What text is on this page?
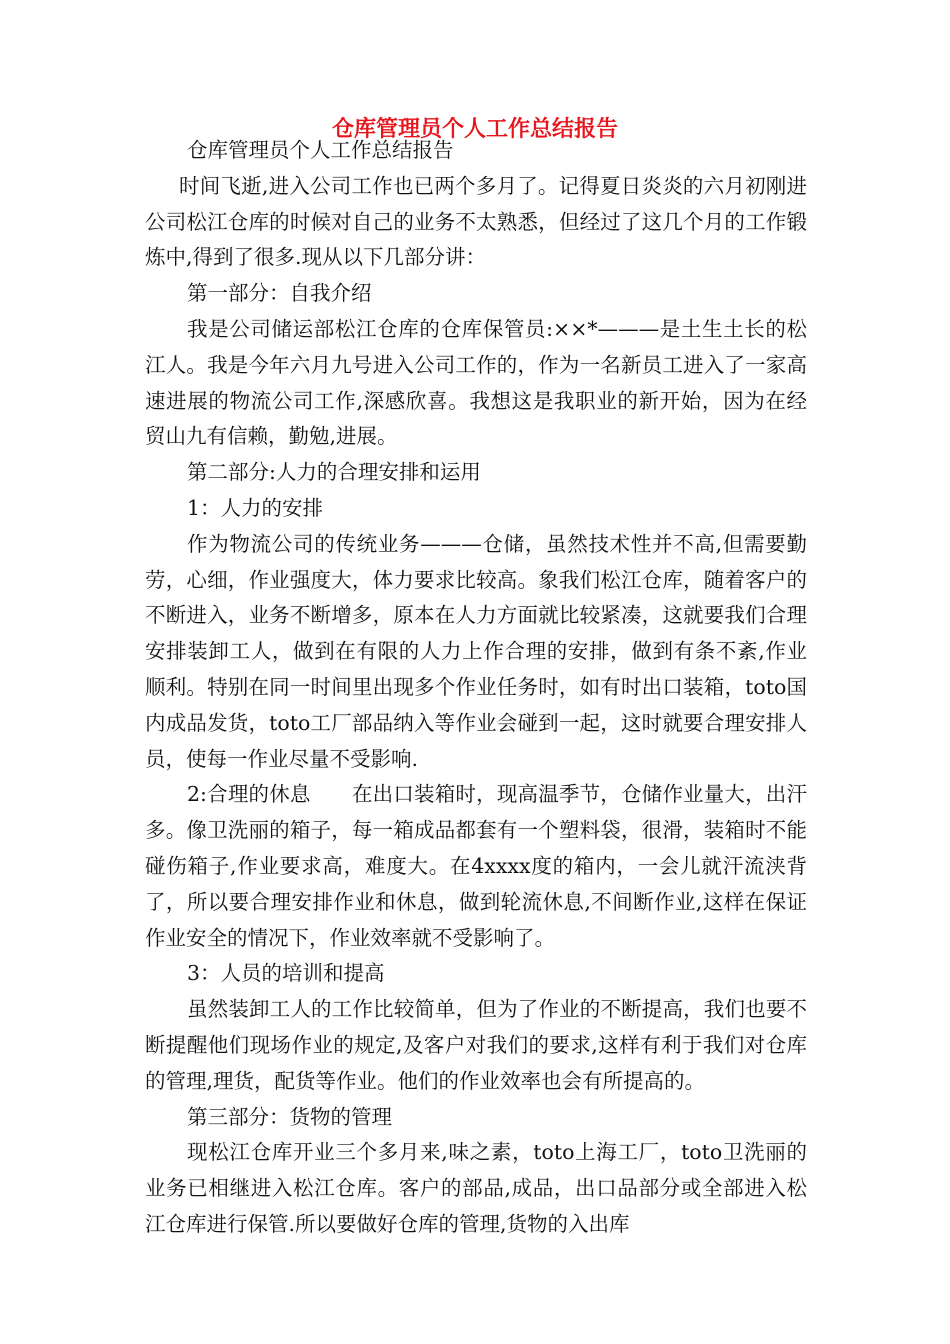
仓库管理员个人工作总结报告

仓库管理员个人工作总结报告

时间飞逝,进入公司工作也已两个多月了。记得夏日炎炎的六月初刚进公司松江仓库的时候对自己的业务不太熟悉，但经过了这几个月的工作锻炼中,得到了很多.现从以下几部分讲：

第一部分：自我介绍

我是公司储运部松江仓库的仓库保管员:××*———是土生土长的松江人。我是今年六月九号进入公司工作的，作为一名新员工进入了一家高速进展的物流公司工作,深感欣喜。我想这是我职业的新开始，因为在经贸山九有信赖，勤勉,进展。

第二部分:人力的合理安排和运用

1：人力的安排

作为物流公司的传统业务———仓储，虽然技术性并不高,但需要勤劳，心细，作业强度大，体力要求比较高。象我们松江仓库，随着客户的不断进入，业务不断增多，原本在人力方面就比较紧凑，这就要我们合理安排装卸工人，做到在有限的人力上作合理的安排，做到有条不紊,作业顺利。特别在同一时间里出现多个作业任务时，如有时出口装箱，toto国内成品发货，toto工厂部品纳入等作业会碰到一起，这时就要合理安排人员，使每一作业尽量不受影响.

2:合理的休息　　在出口装箱时，现高温季节，仓储作业量大，出汗多。像卫洗丽的箱子，每一箱成品都套有一个塑料袋，很滑，装箱时不能碰伤箱子,作业要求高，难度大。在4xxxx度的箱内，一会儿就汗流浃背了，所以要合理安排作业和休息，做到轮流休息,不间断作业,这样在保证作业安全的情况下，作业效率就不受影响了。

3：人员的培训和提高

虽然装卸工人的工作比较简单，但为了作业的不断提高，我们也要不断提醒他们现场作业的规定,及客户对我们的要求,这样有利于我们对仓库的管理,理货，配货等作业。他们的作业效率也会有所提高的。

第三部分：货物的管理

现松江仓库开业三个多月来,味之素，toto上海工厂，toto卫洗丽的业务已相继进入松江仓库。客户的部品,成品，出口品部分或全部进入松江仓库进行保管.所以要做好仓库的管理,货物的入出库
